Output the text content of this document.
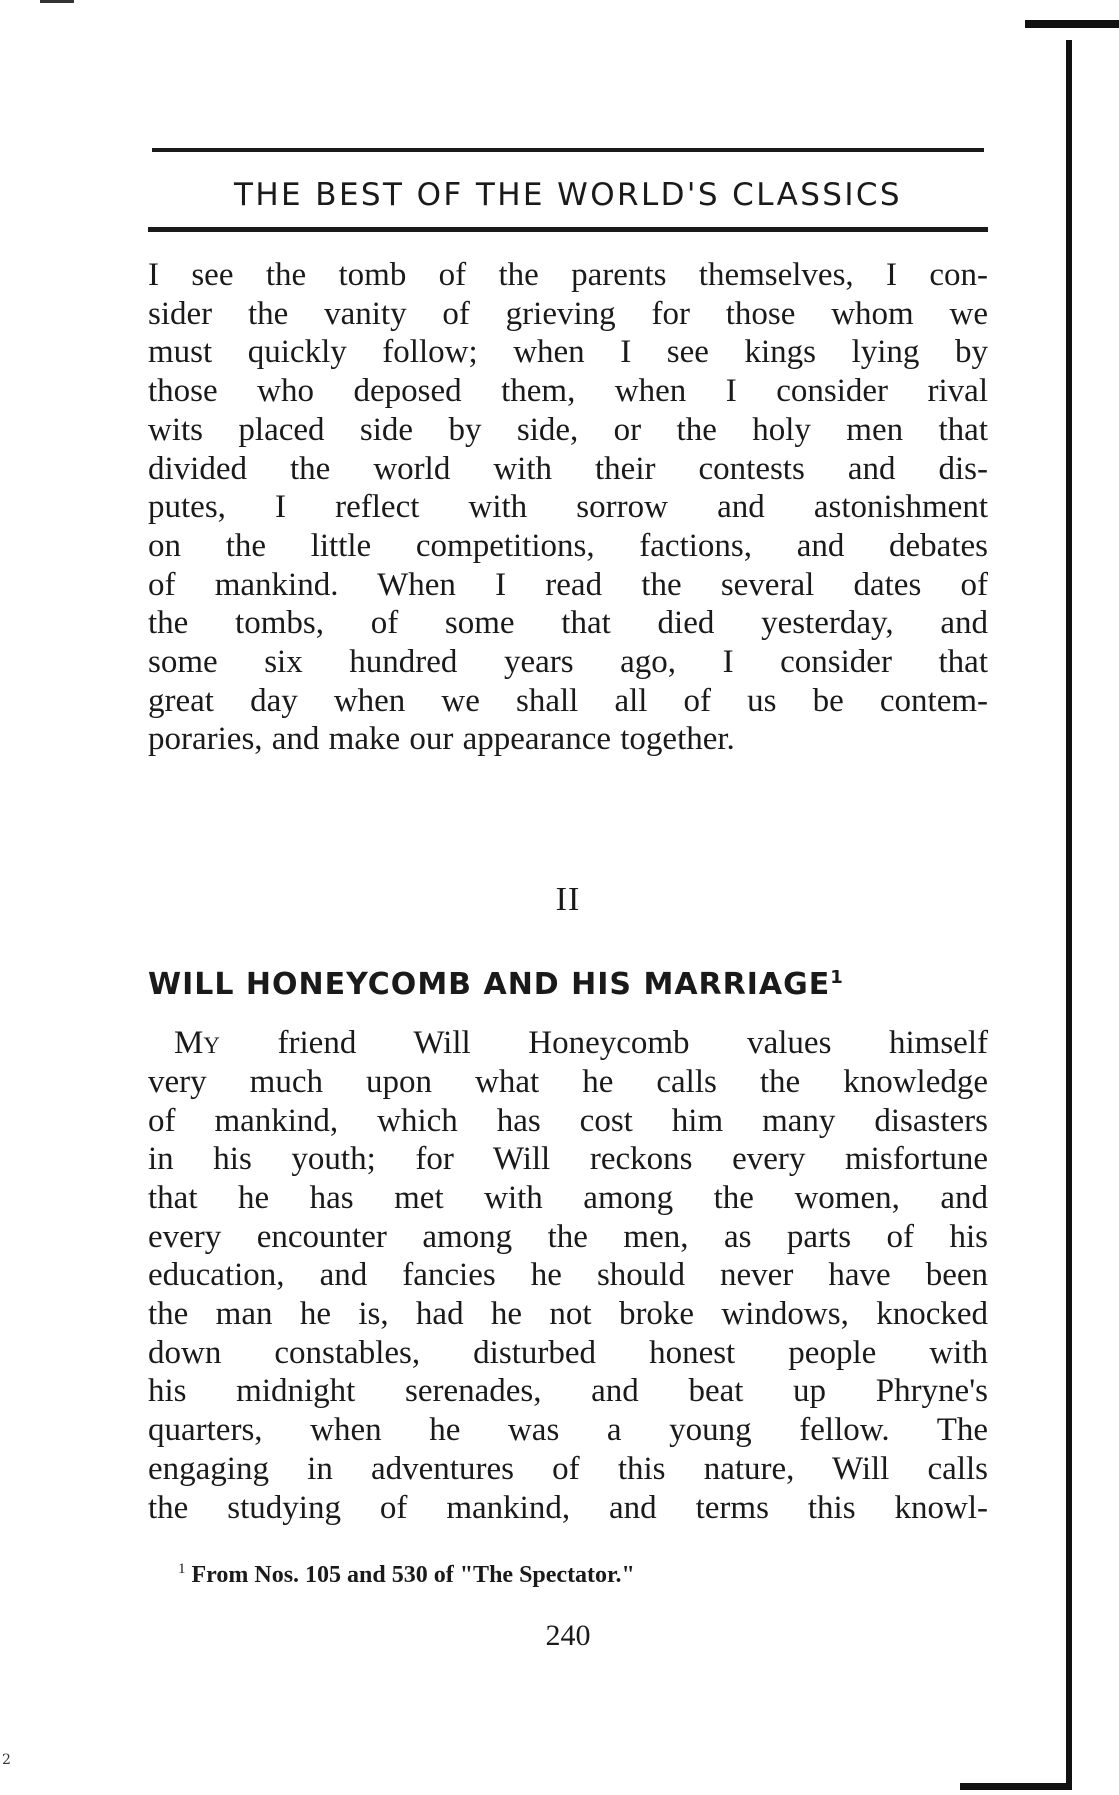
2
THE BEST OF THE WORLD'S CLASSICS
I see the tomb of the parents themselves, I con-
sider the vanity of grieving for those whom we
must quickly follow; when I see kings lying by
those who deposed them, when I consider rival
wits placed side by side, or the holy men that
divided the world with their contests and dis-
putes, I reflect with sorrow and astonishment
on the little competitions, factions, and debates
of mankind. When I read the several dates of
the tombs, of some that died yesterday, and
some six hundred years ago, I consider that
great day when we shall all of us be contem-
poraries, and make our appearance together.
II
WILL HONEYCOMB AND HIS MARRIAGE$^1$
My friend Will Honeycomb values himself
very much upon what he calls the knowledge
of mankind, which has cost him many disasters
in his youth; for Will reckons every misfortune
that he has met with among the women, and
every encounter among the men, as parts of his
education, and fancies he should never have been
the man he is, had he not broke windows, knocked
down constables, disturbed honest people with
his midnight serenades, and beat up Phryne's
quarters, when he was a young fellow. The
engaging in adventures of this nature, Will calls
the studying of mankind, and terms this knowl-
$^1$ From Nos. 105 and 530 of "The Spectator."
240
